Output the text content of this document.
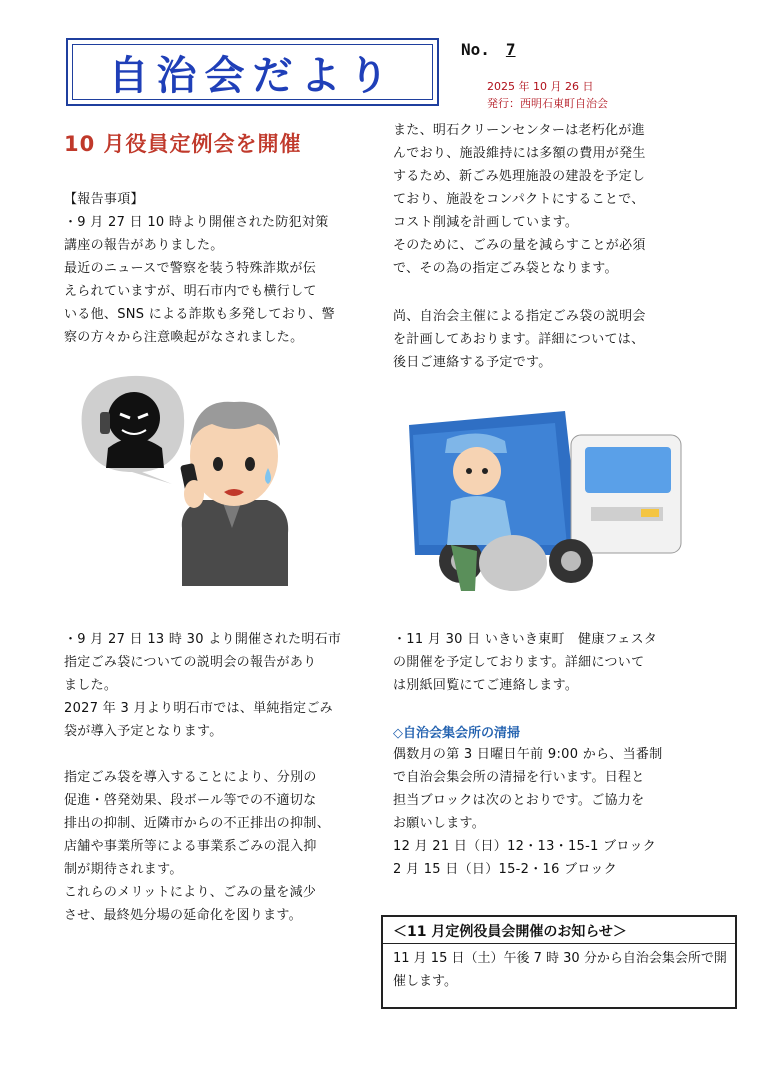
自治会だより
No. 7
2025 年 10 月 26 日
発行：西明石東町自治会
10 月役員定例会を開催
【報告事項】
・9 月 27 日 10 時より開催された防犯対策
講座の報告がありました。
最近のニュースで警察を装う特殊詐欺が伝
えられていますが、明石市内でも横行して
いる他、SNS による詐欺も多発しており、警
察の方々から注意喚起がなされました。
・9 月 27 日 13 時 30 より開催された明石市
指定ごみ袋についての説明会の報告があり
ました。
2027 年 3 月より明石市では、単純指定ごみ
袋が導入予定となります。
指定ごみ袋を導入することにより、分別の
促進・啓発効果、段ボール等での不適切な
排出の抑制、近隣市からの不正排出の抑制、
店舗や事業所等による事業系ごみの混入抑
制が期待されます。
これらのメリットにより、ごみの量を減少
させ、最終処分場の延命化を図ります。
また、明石クリーンセンターは老朽化が進
んでおり、施設維持には多額の費用が発生
するため、新ごみ処理施設の建設を予定し
ており、施設をコンパクトにすることで、
コスト削減を計画しています。
そのために、ごみの量を減らすことが必須
で、その為の指定ごみ袋となります。
尚、自治会主催による指定ごみ袋の説明会
を計画してあおります。詳細については、
後日ご連絡する予定です。
・11 月 30 日 いきいき東町　健康フェスタ
の開催を予定しております。詳細について
は別紙回覧にてご連絡します。
◇自治会集会所の清掃
偶数月の第 3 日曜日午前 9:00 から、当番制
で自治会集会所の清掃を行います。日程と
担当ブロックは次のとおりです。ご協力を
お願いします。
12 月 21 日（日）12・13・15-1 ブロック
2 月 15 日（日）15-2・16 ブロック
＜11 月定例役員会開催のお知らせ＞
11 月 15 日（土）午後 7 時 30 分から自治会集会所で開
催します。
